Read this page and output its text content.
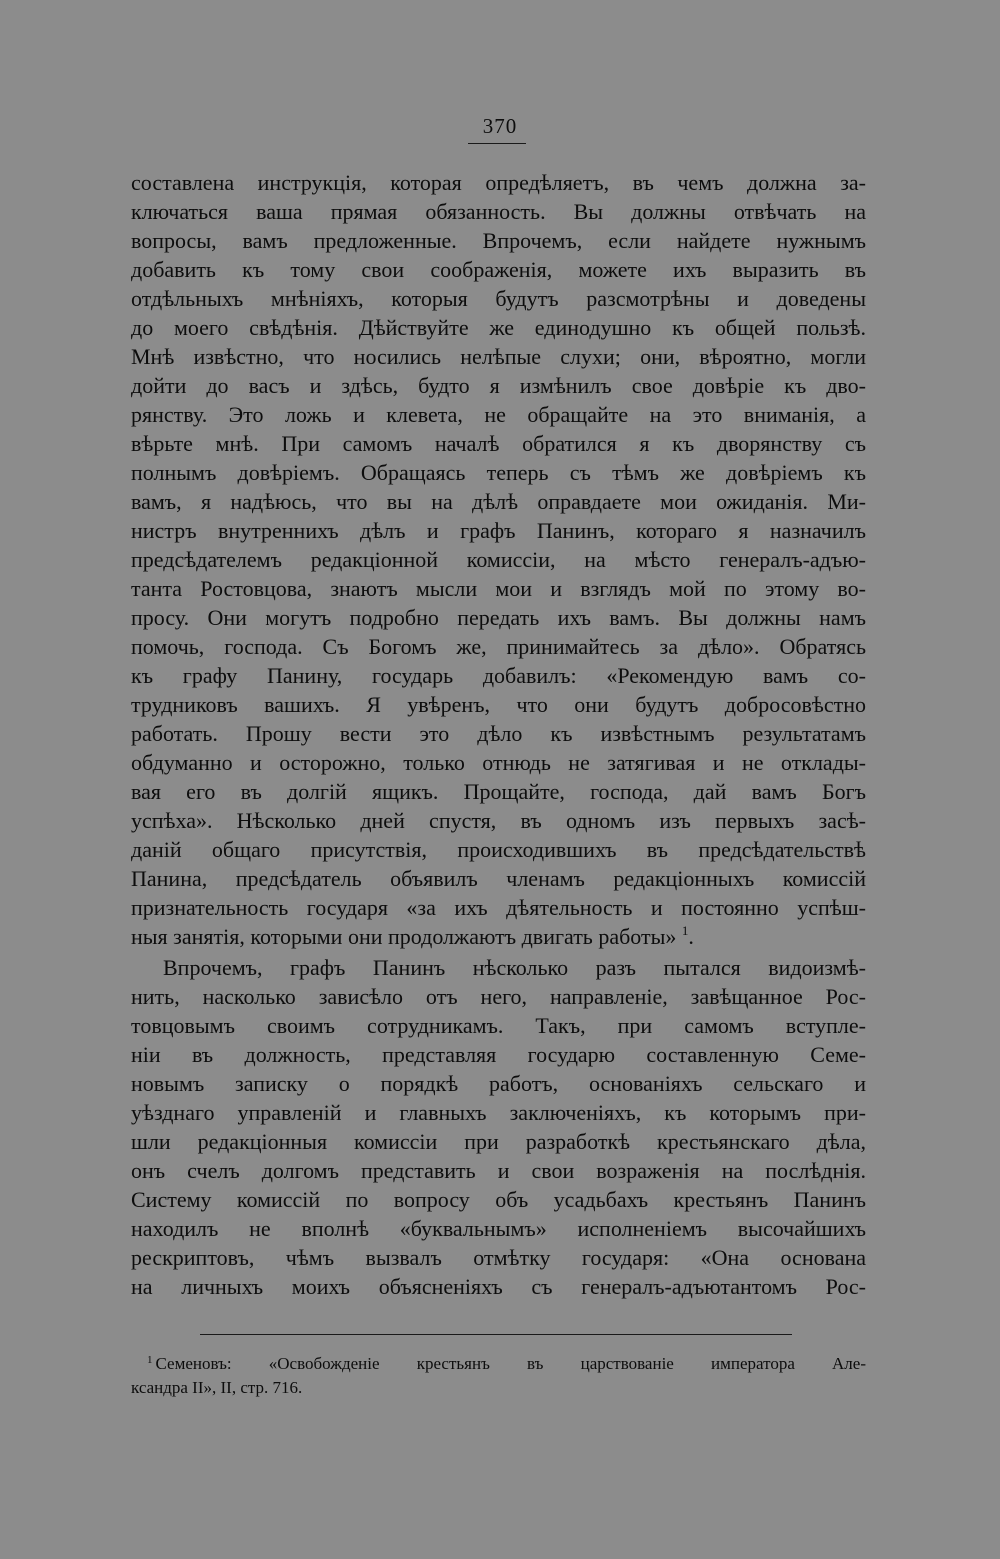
370
составлена инструкція, которая опредѣляетъ, въ чемъ должна за-
ключаться ваша прямая обязанность. Вы должны отвѣчать на
вопросы, вамъ предложенные. Впрочемъ, если найдете нужнымъ
добавить къ тому свои соображенія, можете ихъ выразить въ
отдѣльныхъ мнѣніяхъ, которыя будутъ разсмотрѣны и доведены
до моего свѣдѣнія. Дѣйствуйте же единодушно къ общей пользѣ.
Мнѣ извѣстно, что носились нелѣпые слухи; они, вѣроятно, могли
дойти до васъ и здѣсь, будто я измѣнилъ свое довѣріе къ дво-
рянству. Это ложь и клевета, не обращайте на это вниманія, а
вѣрьте мнѣ. При самомъ началѣ обратился я къ дворянству съ
полнымъ довѣріемъ. Обращаясь теперь съ тѣмъ же довѣріемъ къ
вамъ, я надѣюсь, что вы на дѣлѣ оправдаете мои ожиданія. Ми-
нистръ внутреннихъ дѣлъ и графъ Панинъ, котораго я назначилъ
предсѣдателемъ редакціонной комиссіи, на мѣсто генералъ-адъю-
танта Ростовцова, знаютъ мысли мои и взглядъ мой по этому во-
просу. Они могутъ подробно передать ихъ вамъ. Вы должны намъ
помочь, господа. Съ Богомъ же, принимайтесь за дѣло». Обратясь
къ графу Панину, государь добавилъ: «Рекомендую вамъ со-
трудниковъ вашихъ. Я увѣренъ, что они будутъ добросовѣстно
работать. Прошу вести это дѣло къ извѣстнымъ результатамъ
обдуманно и осторожно, только отнюдь не затягивая и не отклады-
вая его въ долгій ящикъ. Прощайте, господа, дай вамъ Богъ
успѣха». Нѣсколько дней спустя, въ одномъ изъ первыхъ засѣ-
даній общаго присутствія, происходившихъ въ предсѣдательствѣ
Панина, предсѣдатель объявилъ членамъ редакціонныхъ комиссій
признательность государя «за ихъ дѣятельность и постоянно успѣш-
ныя занятія, которыми они продолжаютъ двигать работы» $^1$.
Впрочемъ, графъ Панинъ нѣсколько разъ пытался видоизмѣ-
нить, насколько зависѣло отъ него, направленіе, завѣщанное Рос-
товцовымъ своимъ сотрудникамъ. Такъ, при самомъ вступле-
ніи въ должность, представляя государю составленную Семе-
новымъ записку о порядкѣ работъ, основаніяхъ сельскаго и
уѣзднаго управленій и главныхъ заключеніяхъ, къ которымъ при-
шли редакціонныя комиссіи при разработкѣ крестьянскаго дѣла,
онъ счелъ долгомъ представить и свои возраженія на послѣднія.
Систему комиссій по вопросу объ усадьбахъ крестьянъ Панинъ
находилъ не вполнѣ «буквальнымъ» исполненіемъ высочайшихъ
рескриптовъ, чѣмъ вызвалъ отмѣтку государя: «Она основана
на личныхъ моихъ объясненіяхъ съ генералъ-адъютантомъ Рос-
$^1$ Семеновъ: «Освобожденіе крестьянъ въ царствованіе императора Але-
ксандра II», II, стр. 716.
